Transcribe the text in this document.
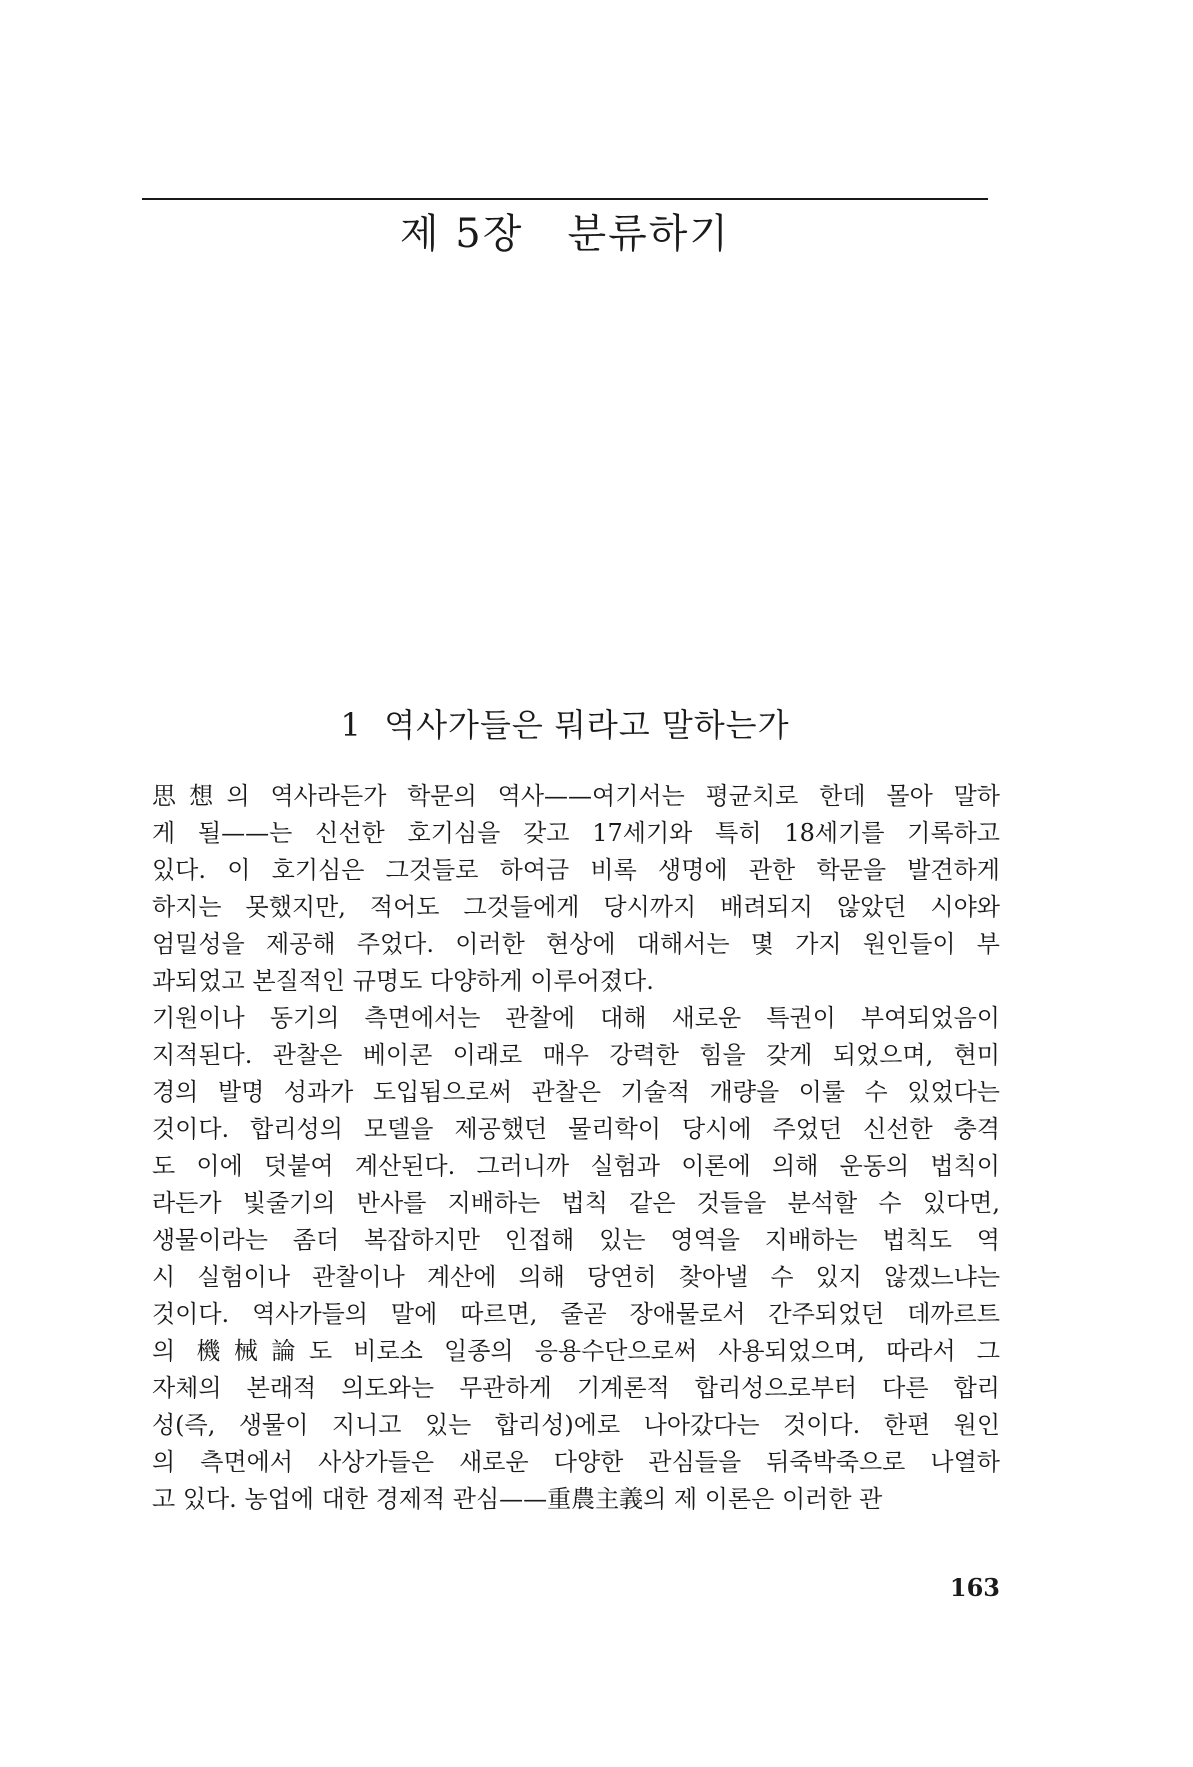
제 5장   분류하기
1  역사가들은 뭐라고 말하는가
思想의 역사라든가 학문의 역사——여기서는 평균치로 한데 몰아 말하
게 될——는 신선한 호기심을 갖고 17세기와 특히 18세기를 기록하고
있다. 이 호기심은 그것들로 하여금 비록 생명에 관한 학문을 발견하게
하지는 못했지만, 적어도 그것들에게 당시까지 배려되지 않았던 시야와
엄밀성을 제공해 주었다. 이러한 현상에 대해서는 몇 가지 원인들이 부
과되었고 본질적인 규명도 다양하게 이루어졌다.
기원이나 동기의 측면에서는 관찰에 대해 새로운 특권이 부여되었음이
지적된다. 관찰은 베이콘 이래로 매우 강력한 힘을 갖게 되었으며, 현미
경의 발명 성과가 도입됨으로써 관찰은 기술적 개량을 이룰 수 있었다는
것이다. 합리성의 모델을 제공했던 물리학이 당시에 주었던 신선한 충격
도 이에 덧붙여 계산된다. 그러니까 실험과 이론에 의해 운동의 법칙이
라든가 빛줄기의 반사를 지배하는 법칙 같은 것들을 분석할 수 있다면,
생물이라는 좀더 복잡하지만 인접해 있는 영역을 지배하는 법칙도 역
시 실험이나 관찰이나 계산에 의해 당연히 찾아낼 수 있지 않겠느냐는
것이다. 역사가들의 말에 따르면, 줄곧 장애물로서 간주되었던 데까르트
의 機械論도 비로소 일종의 응용수단으로써 사용되었으며, 따라서 그
자체의 본래적 의도와는 무관하게 기계론적 합리성으로부터 다른 합리
성(즉, 생물이 지니고 있는 합리성)에로 나아갔다는 것이다. 한편 원인
의 측면에서 사상가들은 새로운 다양한 관심들을 뒤죽박죽으로 나열하
고 있다. 농업에 대한 경제적 관심——重農主義의 제 이론은 이러한 관
163
